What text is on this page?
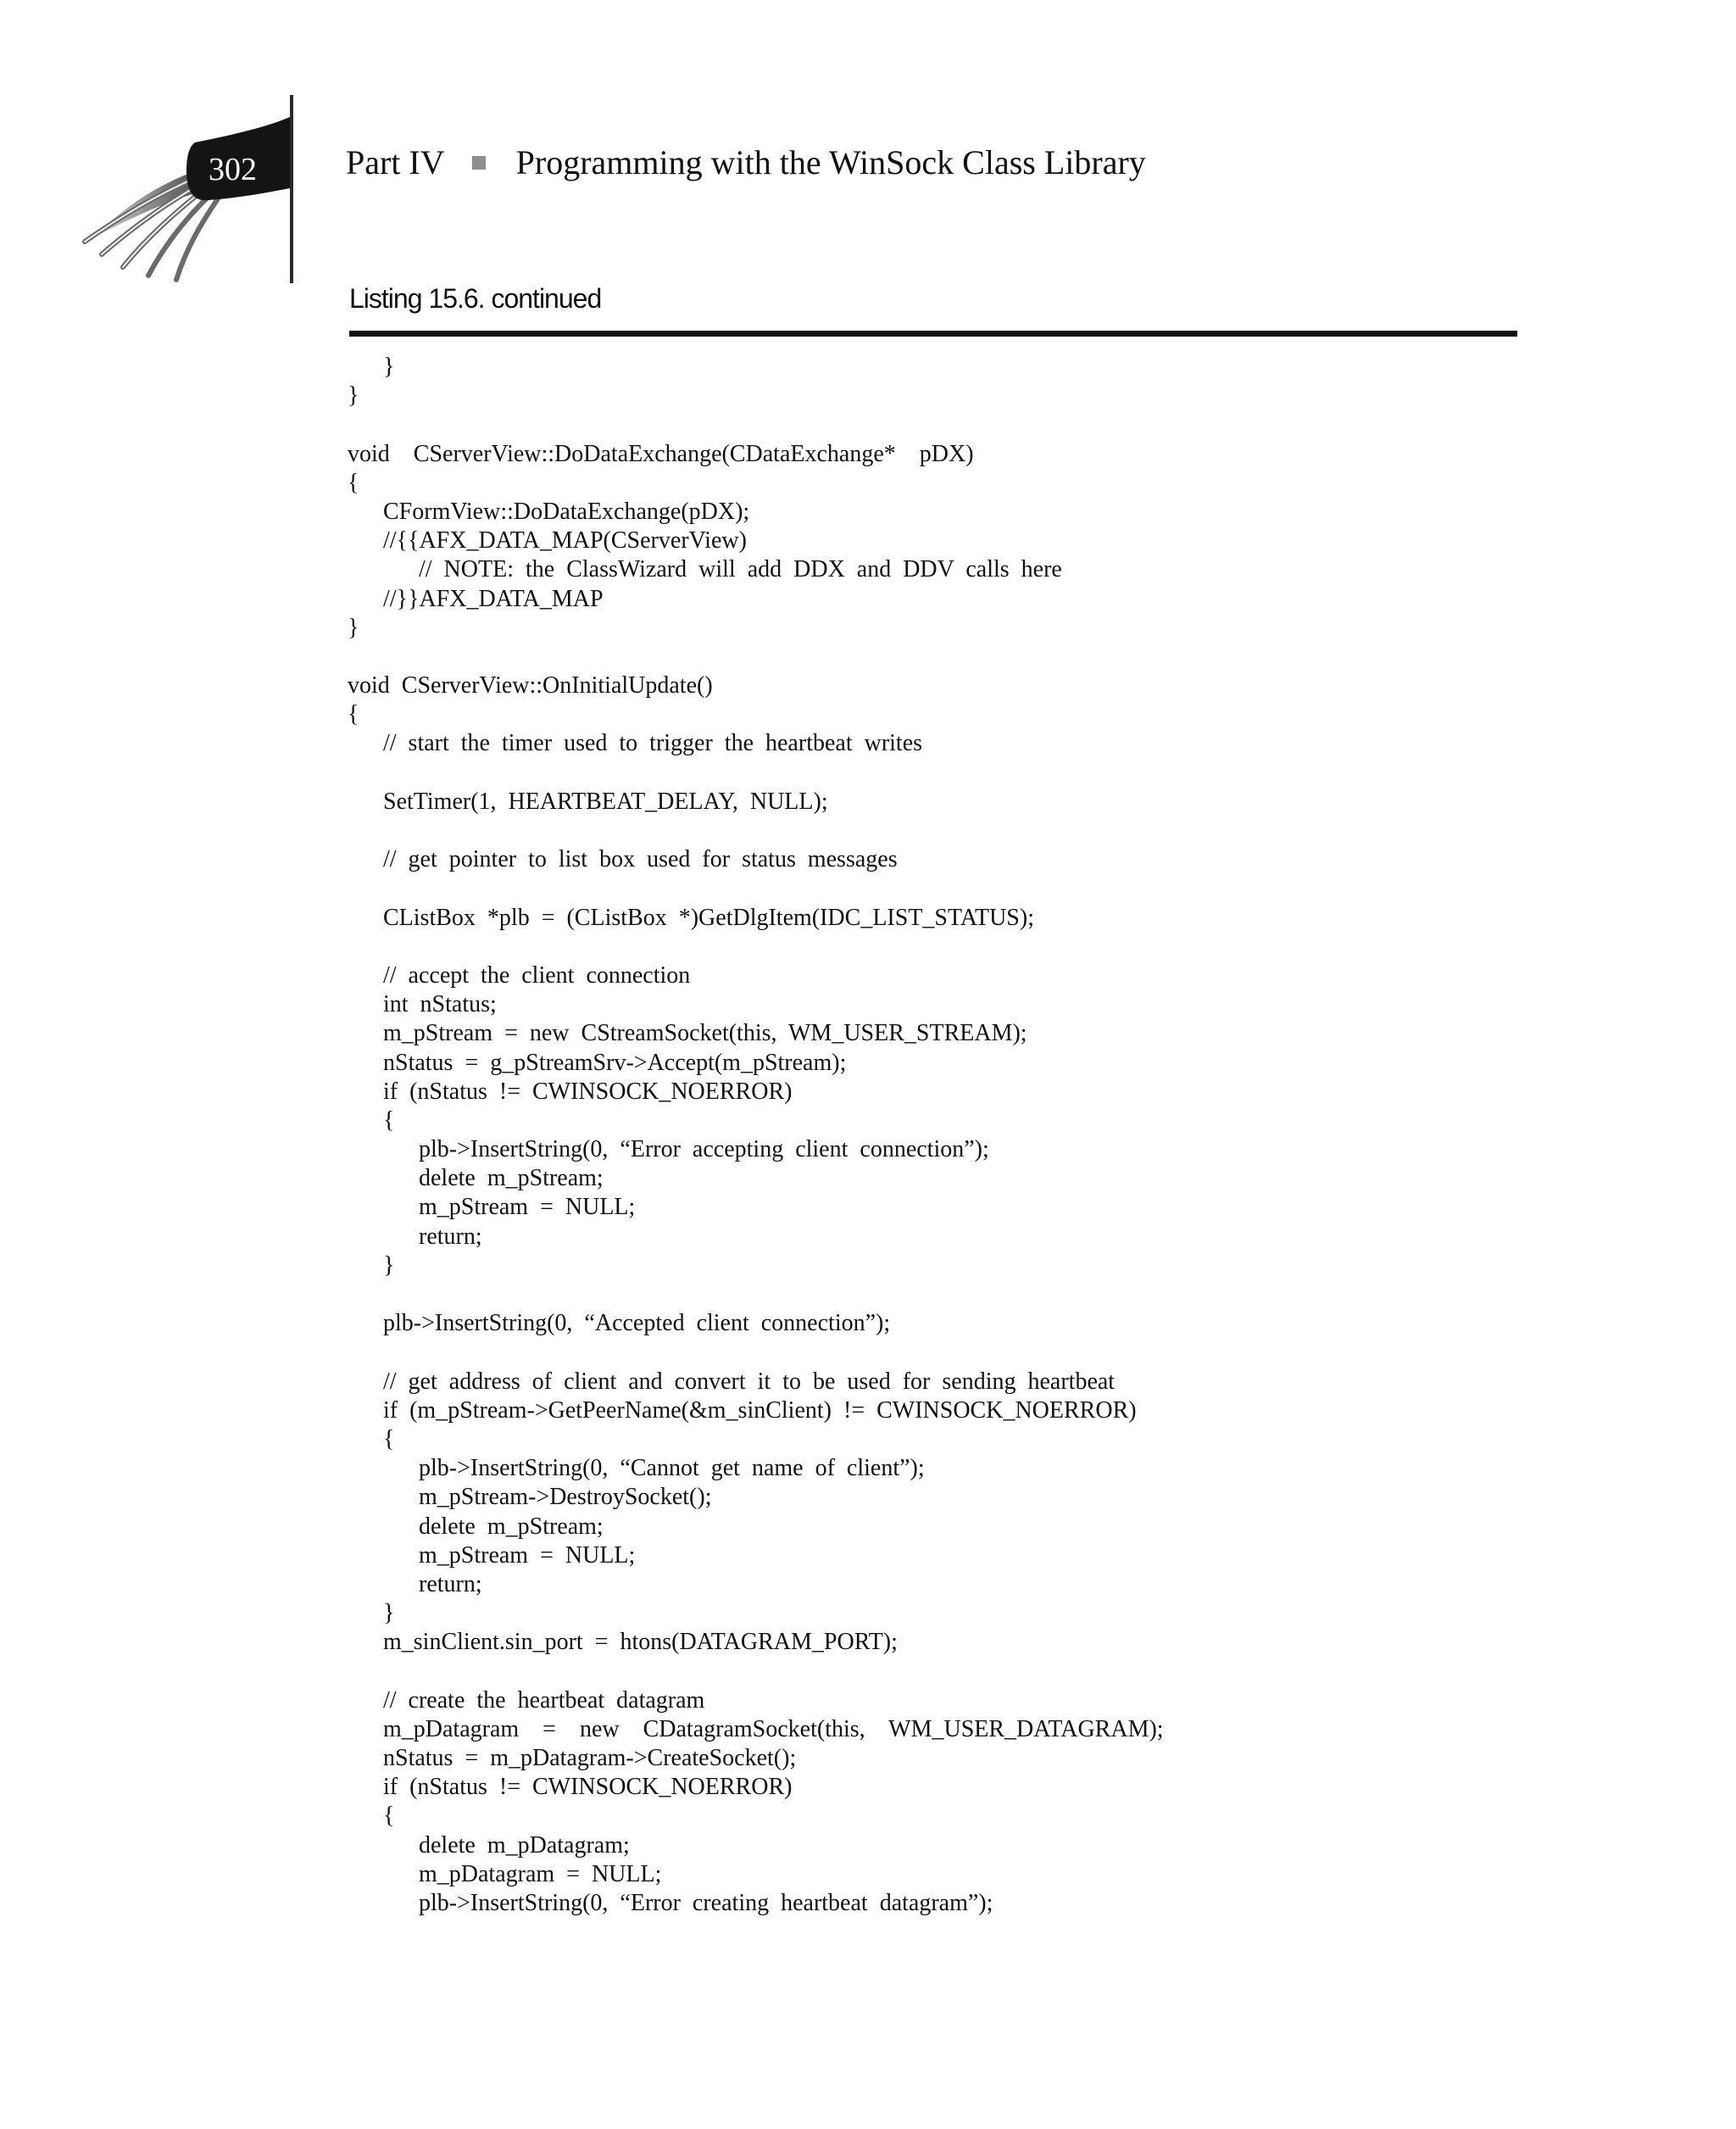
302	Part IV Programming with the WinSock Class Library
Listing 15.6. continued
}
}
void  CServerView::DoDataExchange(CDataExchange*  pDX)
{
CFormView::DoDataExchange(pDX);
//{{AFX_DATA_MAP(CServerView)
// NOTE: the ClassWizard will add DDX and DDV calls here
//}}AFX_DATA_MAP
}
void CServerView::OnInitialUpdate()
{
// start the timer used to trigger the heartbeat writes
SetTimer(1, HEARTBEAT_DELAY, NULL);
// get pointer to list box used for status messages
CListBox *plb = (CListBox *)GetDlgItem(IDC_LIST_STATUS);
// accept the client connection
int nStatus;
m_pStream = new CStreamSocket(this, WM_USER_STREAM);
nStatus = g_pStreamSrv->Accept(m_pStream);
if (nStatus != CWINSOCK_NOERROR)
{
plb->InsertString(0, “Error accepting client connection”);
delete m_pStream;
m_pStream = NULL;
return;
}
plb->InsertString(0, “Accepted client connection”);
// get address of client and convert it to be used for sending heartbeat
if (m_pStream->GetPeerName(&m_sinClient) != CWINSOCK_NOERROR)
{
plb->InsertString(0, “Cannot get name of client”);
m_pStream->DestroySocket();
delete m_pStream;
m_pStream = NULL;
return;
}
m_sinClient.sin_port = htons(DATAGRAM_PORT);
// create the heartbeat datagram
m_pDatagram  =  new  CDatagramSocket(this,  WM_USER_DATAGRAM);
nStatus = m_pDatagram->CreateSocket();
if (nStatus != CWINSOCK_NOERROR)
{
delete m_pDatagram;
m_pDatagram = NULL;
plb->InsertString(0, “Error creating heartbeat datagram”);
